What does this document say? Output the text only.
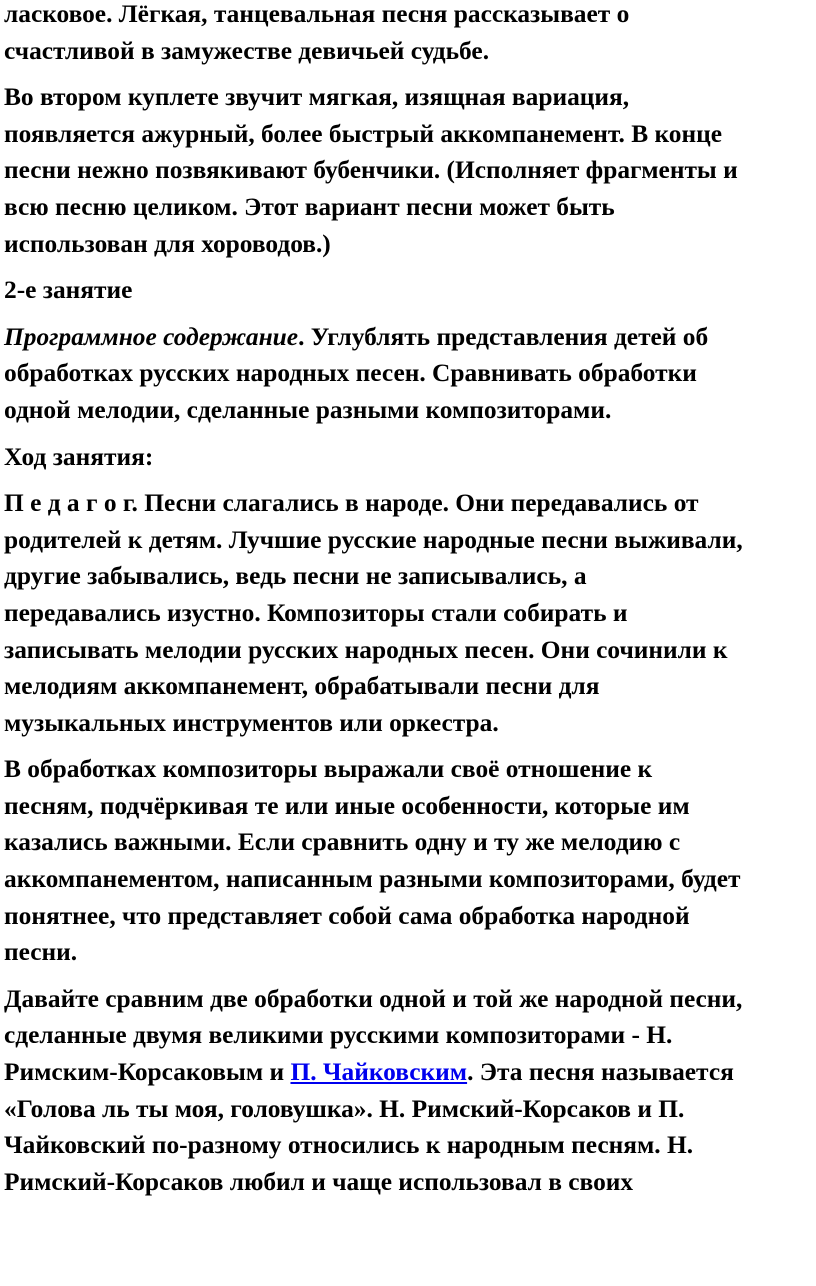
ласковое. Лёгкая, танцевальная песня рассказывает о
счастливой в замужестве девичьей судьбе.

Во втором куплете звучит мягкая, изящная вариация,
появляется ажурный, более быстрый аккомпанемент. В конце
песни нежно позвякивают бубенчики. (Исполняет фрагменты и
всю песню целиком. Этот вариант песни может быть
использован для хороводов.)

2-е занятие

Программное содержание. Углублять представления детей об
обработках русских народных песен. Сравнивать обработки
одной мелодии, сделанные разными композиторами.

Ход занятия:

П е д а г о г. Песни слагались в народе. Они передавались от
родителей к детям. Лучшие русские народные песни выживали,
другие забывались, ведь песни не записывались, а
передавались изустно. Композиторы стали собирать и
записывать мелодии русских народных песен. Они сочинили к
мелодиям аккомпанемент, обрабатывали песни для
музыкальных инструментов или оркестра.

В обработках композиторы выражали своё отношение к
песням, подчёркивая те или иные особенности, которые им
казались важными. Если сравнить одну и ту же мелодию с
аккомпанементом, написанным разными композиторами, будет
понятнее, что представляет собой сама обработка народной
песни.

Давайте сравним две обработки одной и той же народной песни,
сделанные двумя великими русскими композиторами - Н.
Римским-Корсаковым и П. Чайковским. Эта песня называется
«Голова ль ты моя, головушка». Н. Римский-Корсаков и П.
Чайковский по-разному относились к народным песням. Н.
Римский-Корсаков любил и чаще использовал в своих
